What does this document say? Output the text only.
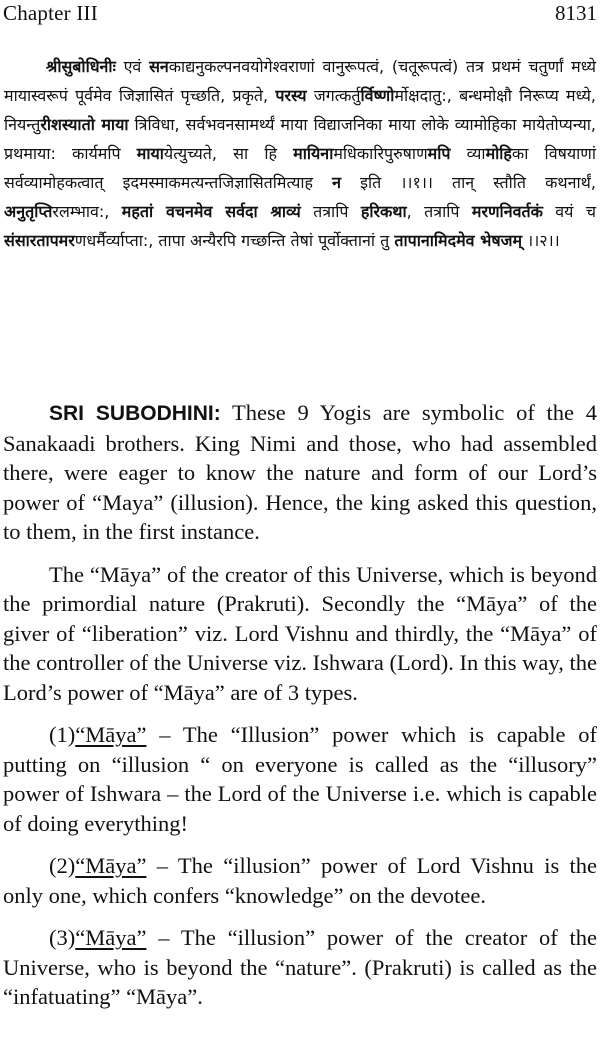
Chapter III	8131

श्रीसुबोधिनीः एवं सनकाद्यनुकल्पनवयोगेश्वराणां वानुरूपत्वं, (चतूरूपत्वं) तत्र प्रथमं चतुर्णां मध्ये मायास्वरूपं पूर्वमेव जिज्ञासितं पृच्छति, प्रकृते, परस्य जगत्कर्तुर्विष्णोर्मोक्षदातु:, बन्धमोक्षौ निरूप्य मध्ये, नियन्तुरीशस्यातो माया त्रिविधा, सर्वभवनसामर्थ्यं माया विद्याजनिका माया लोके व्यामोहिका मायेतोप्यन्या, प्रथमाया: कार्यमपि मायायेत्युच्यते, सा हि मायिनामधिकारिपुरुषाणमपि व्यामोहिका विषयाणां सर्वव्यामोहकत्वात् इदमस्माकमत्यन्तजिज्ञासितमित्याह न इति ।।१।। तान् स्तौति कथनार्थं, अनुतृप्तिरलम्भाव:, महतां वचनमेव सर्वदा श्राव्यं तत्रापि हरिकथा, तत्रापि मरणनिवर्तकं वयं च संसारतापमरणधर्मैर्व्याप्ता:, तापा अन्यैरपि गच्छन्ति तेषां पूर्वोक्तानां तु तापानामिदमेव भेषजम् ।।२।।

SRI SUBODHINI: These 9 Yogis are symbolic of the 4 Sanakaadi brothers. King Nimi and those, who had assembled there, were eager to know the nature and form of our Lord’s power of “Maya” (illusion). Hence, the king asked this question, to them, in the first instance.

The “Māya” of the creator of this Universe, which is beyond the primordial nature (Prakruti). Secondly the “Māya” of the giver of “liberation” viz. Lord Vishnu and thirdly, the “Māya” of the controller of the Universe viz. Ishwara (Lord). In this way, the Lord’s power of “Māya” are of 3 types.

(1)“Māya” – The “Illusion” power which is capable of putting on “illusion “ on everyone is called as the “illusory” power of Ishwara – the Lord of the Universe i.e. which is capable of doing everything!

(2)“Māya” – The “illusion” power of Lord Vishnu is the only one, which confers “knowledge” on the devotee.

(3)“Māya” – The “illusion” power of the creator of the Universe, who is beyond the “nature”. (Prakruti) is called as the “infatuating” “Māya”.
